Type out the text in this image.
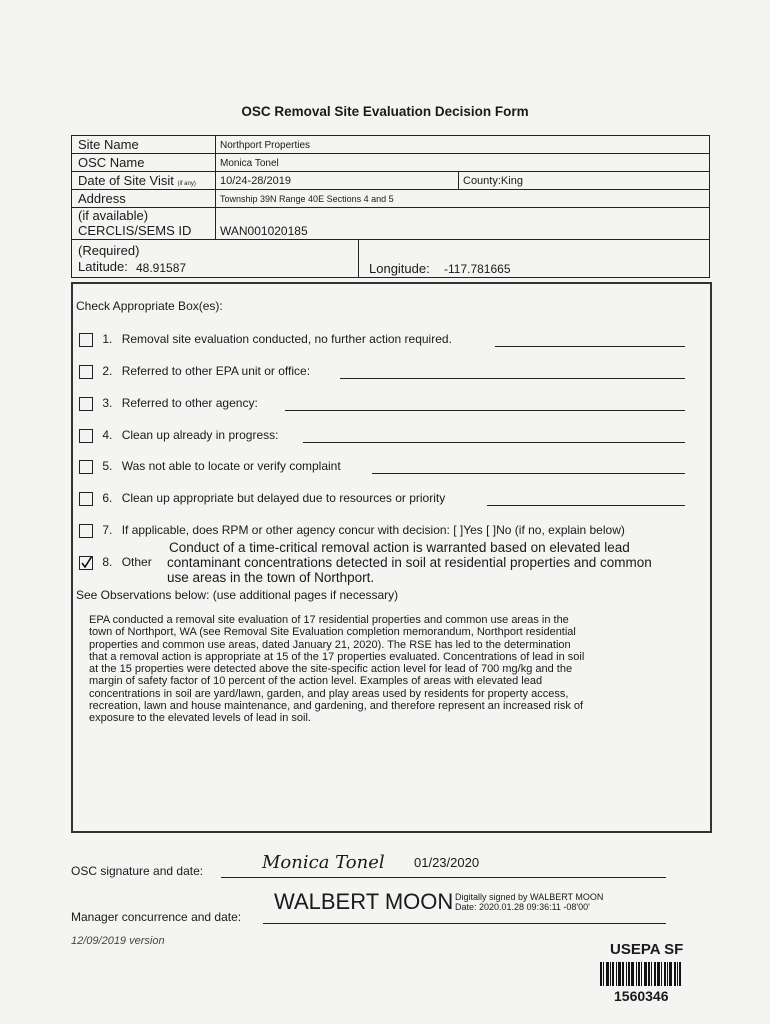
OSC Removal Site Evaluation Decision Form
Site Name	Northport Properties
OSC Name	Monica Tonel
Date of Site Visit (if any) 10/24-28/2019	County:King
Address	Township 39N Range 40E Sections 4 and 5
(if available)
CERCLIS/SEMS ID WAN001020185
(Required)
Latitude: 48.91587	Longitude: -117.781665
Check Appropriate Box(es):
1. Removal site evaluation conducted, no further action required.
2. Referred to other EPA unit or office:
3. Referred to other agency:
4. Clean up already in progress:
5. Was not able to locate or verify complaint
6. Clean up appropriate but delayed due to resources or priority
7. If applicable, does RPM or other agency concur with decision: [ ]Yes [ ]No (if no, explain below)
8. Other
Conduct of a time-critical removal action is warranted based on elevated lead
contaminant concentrations detected in soil at residential properties and common
use areas in the town of Northport.
See Observations below: (use additional pages if necessary)
EPA conducted a removal site evaluation of 17 residential properties and common use areas in the
town of Northport, WA (see Removal Site Evaluation completion memorandum, Northport residential
properties and common use areas, dated January 21, 2020). The RSE has led to the determination
that a removal action is appropriate at 15 of the 17 properties evaluated. Concentrations of lead in soil
at the 15 properties were detected above the site-specific action level for lead of 700 mg/kg and the
margin of safety factor of 10 percent of the action level. Examples of areas with elevated lead
concentrations in soil are yard/lawn, garden, and play areas used by residents for property access,
recreation, lawn and house maintenance, and gardening, and therefore represent an increased risk of
exposure to the elevated levels of lead in soil.
OSC signature and date:	Monica Tonel 01/23/2020
Manager concurrence and date:
WALBERT MOON Digitally signed by WALBERT MOON
Date: 2020.01.28 09:36:11 -08'00'
12/09/2019 version	USEPA SF
1560346
